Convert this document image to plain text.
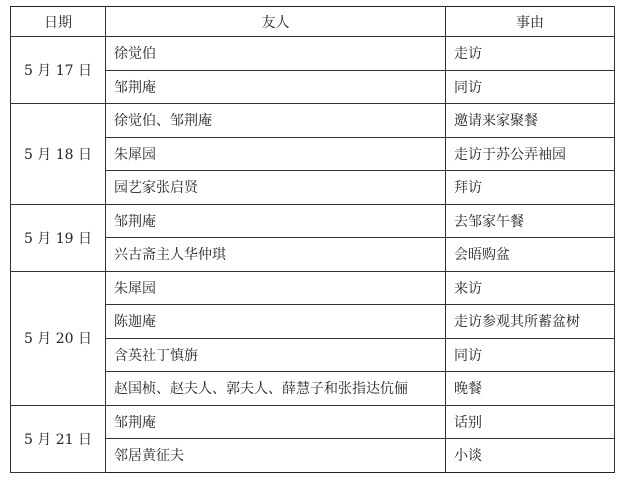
日期	友人	事由
5 月 17 日	徐觉伯	走访
	邹荆庵	同访
5 月 18 日	徐觉伯、邹荆庵	邀请来家聚餐
	朱犀园	走访于苏公弄袖园
	园艺家张启贤	拜访
5 月 19 日	邹荆庵	去邹家午餐
	兴古斋主人华仲琪	会晤购盆
5 月 20 日	朱犀园	来访
	陈迦庵	走访参观其所蓄盆树
	含英社丁慎旃	同访
	赵国桢、赵夫人、郭夫人、薛慧子和张指达伉俪	晚餐
5 月 21 日	邹荆庵	话别
	邻居黄征夫	小谈
